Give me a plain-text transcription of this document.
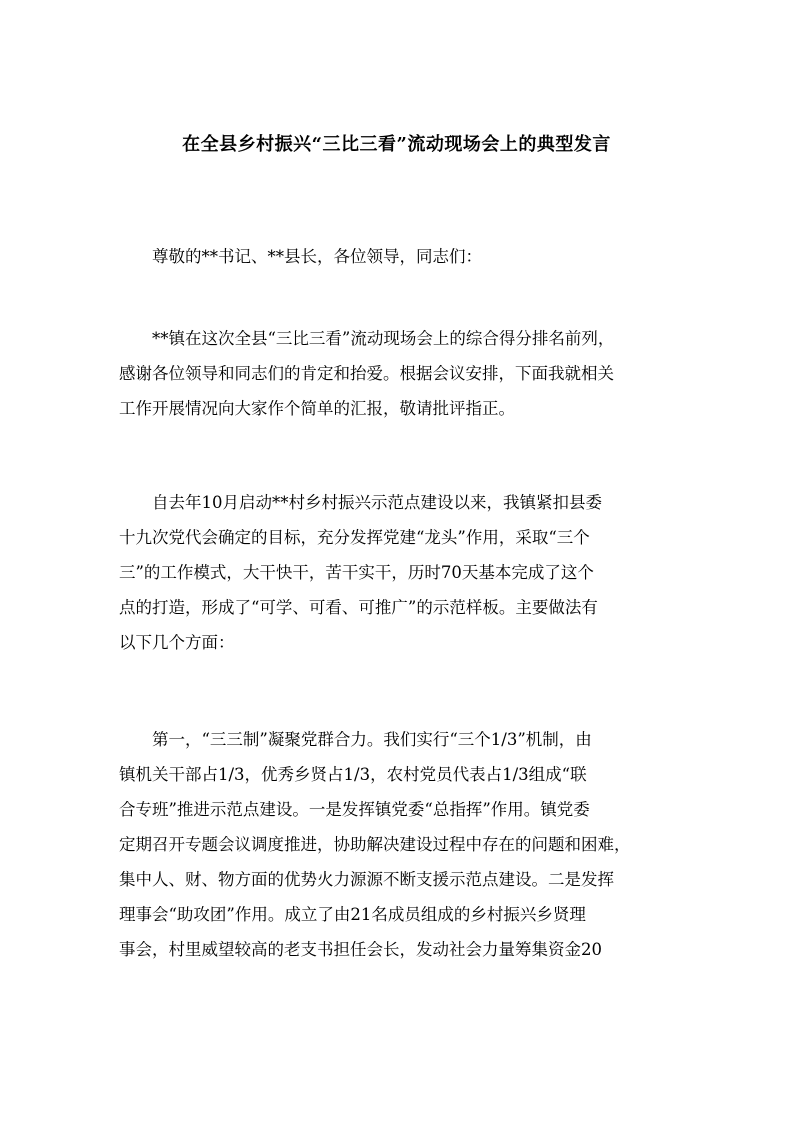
在全县乡村振兴“三比三看”流动现场会上的典型发言
　　尊敬的**书记、**县长，各位领导，同志们：
　　**镇在这次全县“三比三看”流动现场会上的综合得分排名前列，
感谢各位领导和同志们的肯定和抬爱。根据会议安排，下面我就相关
工作开展情况向大家作个简单的汇报，敬请批评指正。
　　自去年10月启动**村乡村振兴示范点建设以来，我镇紧扣县委
十九次党代会确定的目标，充分发挥党建“龙头”作用，采取“三个
三”的工作模式，大干快干，苦干实干，历时70天基本完成了这个
点的打造，形成了“可学、可看、可推广”的示范样板。主要做法有
以下几个方面：
　　第一，“三三制”凝聚党群合力。我们实行“三个1/3”机制，由
镇机关干部占1/3，优秀乡贤占1/3，农村党员代表占1/3组成“联
合专班”推进示范点建设。一是发挥镇党委“总指挥”作用。镇党委
定期召开专题会议调度推进，协助解决建设过程中存在的问题和困难，
集中人、财、物方面的优势火力源源不断支援示范点建设。二是发挥
理事会“助攻团”作用。成立了由21名成员组成的乡村振兴乡贤理
事会，村里威望较高的老支书担任会长，发动社会力量筹集资金20
